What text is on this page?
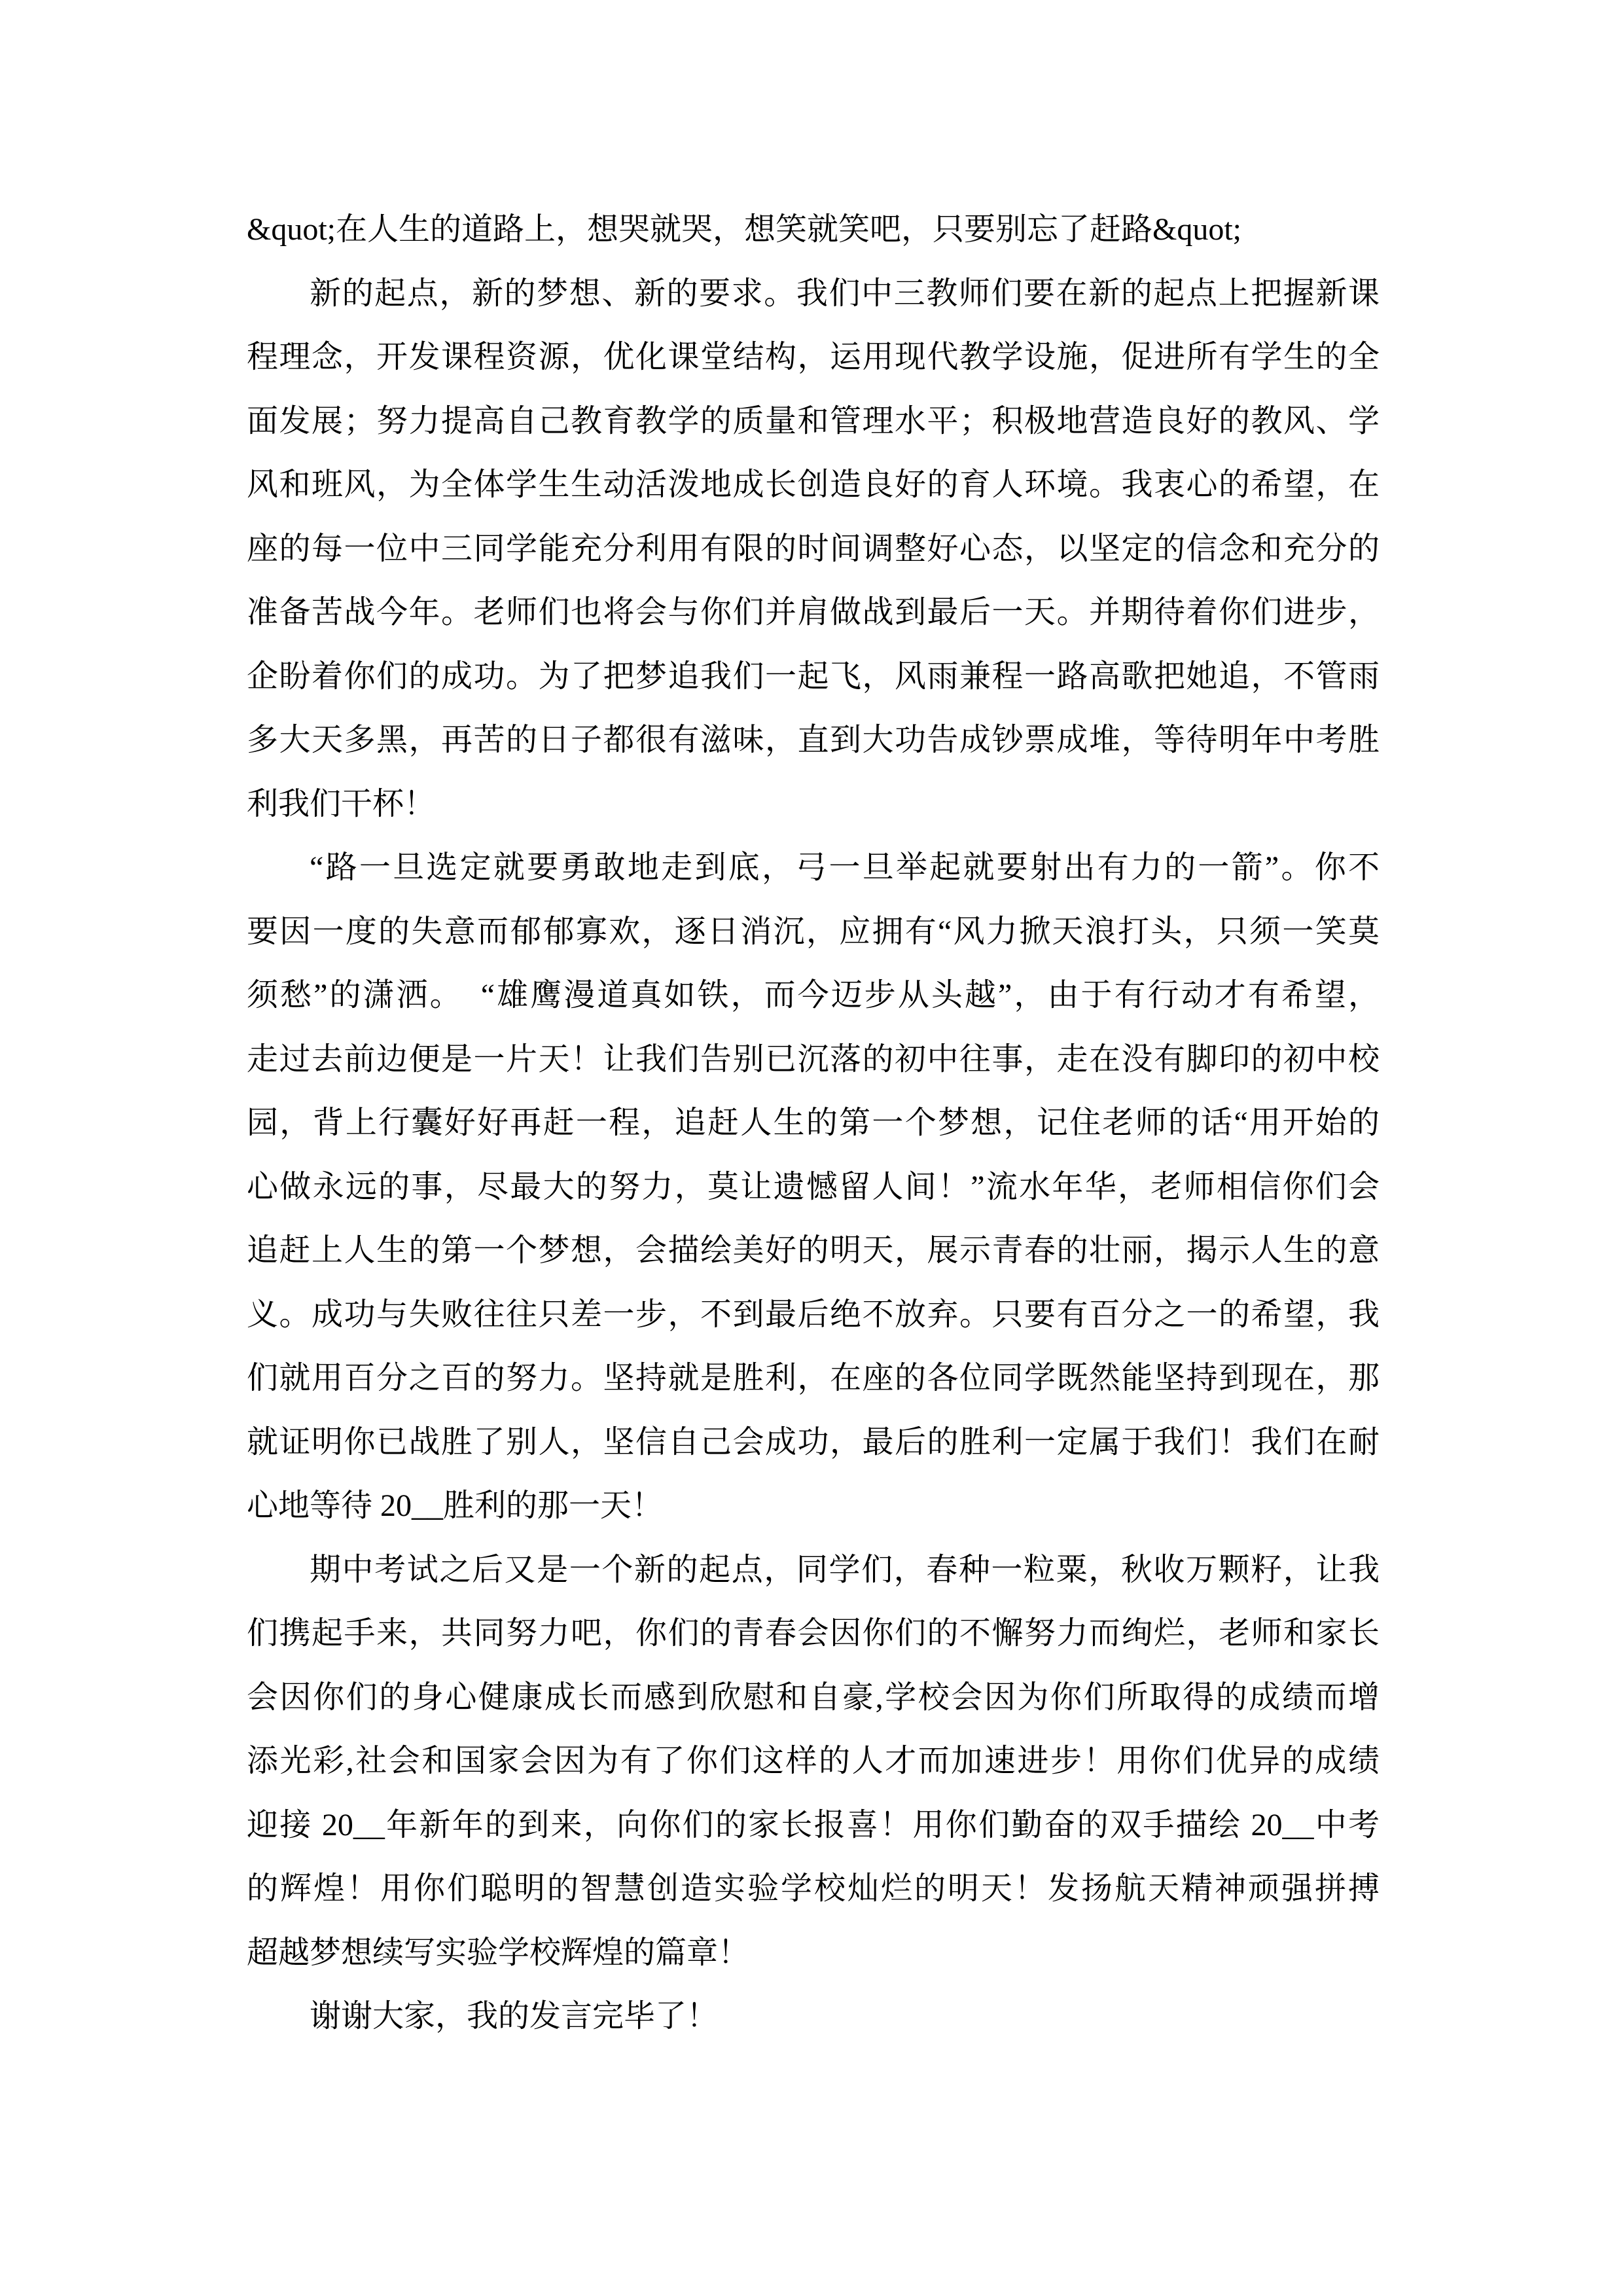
&quot;在人生的道路上，想哭就哭，想笑就笑吧，只要别忘了赶路&quot;
新的起点，新的梦想、新的要求。我们中三教师们要在新的起点上把握新课
程理念，开发课程资源，优化课堂结构，运用现代教学设施，促进所有学生的全
面发展；努力提高自己教育教学的质量和管理水平；积极地营造良好的教风、学
风和班风，为全体学生生动活泼地成长创造良好的育人环境。我衷心的希望，在
座的每一位中三同学能充分利用有限的时间调整好心态，以坚定的信念和充分的
准备苦战今年。老师们也将会与你们并肩做战到最后一天。并期待着你们进步，
企盼着你们的成功。为了把梦追我们一起飞，风雨兼程一路高歌把她追，不管雨
多大天多黑，再苦的日子都很有滋味，直到大功告成钞票成堆，等待明年中考胜
利我们干杯！
“路一旦选定就要勇敢地走到底，弓一旦举起就要射出有力的一箭”。你不
要因一度的失意而郁郁寡欢，逐日消沉，应拥有“风力掀天浪打头，只须一笑莫
须愁”的潇洒。　“雄鹰漫道真如铁，而今迈步从头越”，由于有行动才有希望，
走过去前边便是一片天！让我们告别已沉落的初中往事，走在没有脚印的初中校
园，背上行囊好好再赶一程，追赶人生的第一个梦想，记住老师的话“用开始的
心做永远的事，尽最大的努力，莫让遗憾留人间！”流水年华，老师相信你们会
追赶上人生的第一个梦想，会描绘美好的明天，展示青春的壮丽，揭示人生的意
义。成功与失败往往只差一步，不到最后绝不放弃。只要有百分之一的希望，我
们就用百分之百的努力。坚持就是胜利，在座的各位同学既然能坚持到现在，那
就证明你已战胜了别人，坚信自己会成功，最后的胜利一定属于我们！我们在耐
心地等待 20__胜利的那一天！
期中考试之后又是一个新的起点，同学们，春种一粒粟，秋收万颗籽，让我
们携起手来，共同努力吧，你们的青春会因你们的不懈努力而绚烂，老师和家长
会因你们的身心健康成长而感到欣慰和自豪,学校会因为你们所取得的成绩而增
添光彩,社会和国家会因为有了你们这样的人才而加速进步！用你们优异的成绩
迎接 20__年新年的到来，向你们的家长报喜！用你们勤奋的双手描绘 20__中考
的辉煌！用你们聪明的智慧创造实验学校灿烂的明天！发扬航天精神顽强拼搏
超越梦想续写实验学校辉煌的篇章！
谢谢大家，我的发言完毕了！
